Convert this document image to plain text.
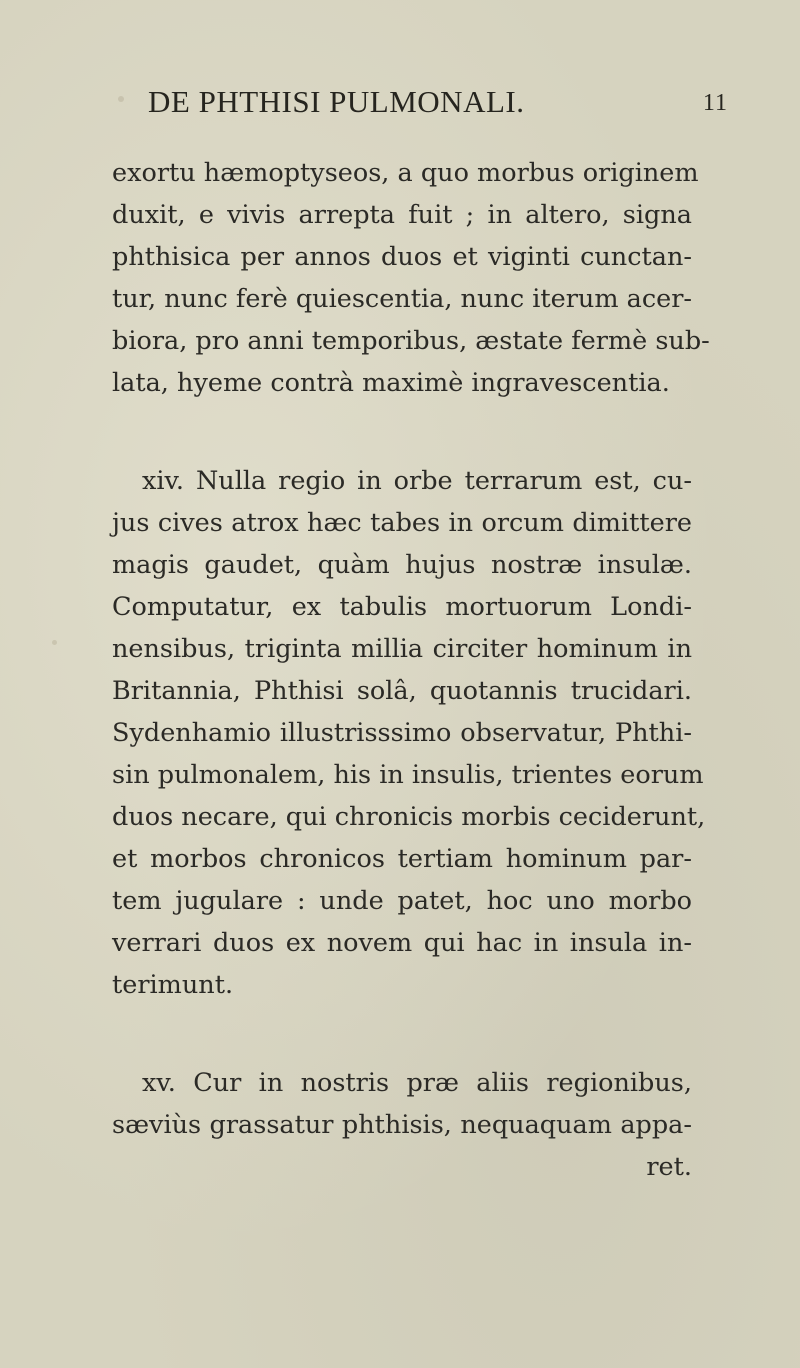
DE PHTHISI PULMONALI.	11
exortu hæmoptyseos, a quo morbus originem
duxit, e vivis arrepta fuit ; in altero, signa
phthisica per annos duos et viginti cunctan-
tur, nunc ferè quiescentia, nunc iterum acer-
biora, pro anni temporibus, æstate fermè sub-
lata, hyeme contrà maximè ingravescentia.
xiv. Nulla regio in orbe terrarum est, cu-
jus cives atrox hæc tabes in orcum dimittere
magis gaudet, quàm hujus nostræ insulæ.
Computatur, ex tabulis mortuorum Londi-
nensibus, triginta millia circiter hominum in
Britannia, Phthisi solâ, quotannis trucidari.
Sydenhamio illustrisssimo observatur, Phthi-
sin pulmonalem, his in insulis, trientes eorum
duos necare, qui chronicis morbis ceciderunt,
et morbos chronicos tertiam hominum par-
tem jugulare : unde patet, hoc uno morbo
verrari duos ex novem qui hac in insula in-
terimunt.
xv. Cur in nostris præ aliis regionibus,
sæviùs grassatur phthisis, nequaquam appa-
ret.
